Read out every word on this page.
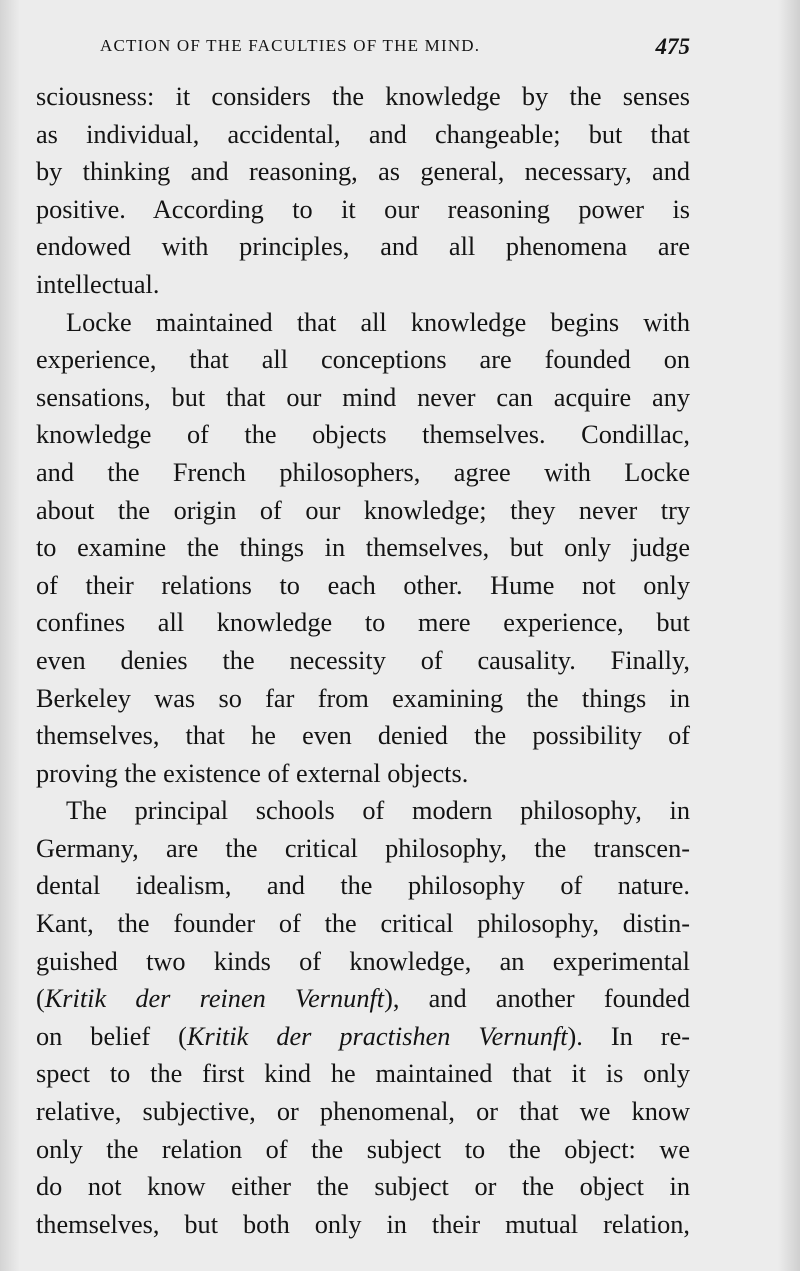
ACTION OF THE FACULTIES OF THE MIND.	475
sciousness: it considers the knowledge by the senses
as individual, accidental, and changeable; but that
by thinking and reasoning, as general, necessary, and
positive. According to it our reasoning power is
endowed with principles, and all phenomena are
intellectual.
Locke maintained that all knowledge begins with
experience, that all conceptions are founded on
sensations, but that our mind never can acquire any
knowledge of the objects themselves. Condillac,
and the French philosophers, agree with Locke
about the origin of our knowledge; they never try
to examine the things in themselves, but only judge
of their relations to each other. Hume not only
confines all knowledge to mere experience, but
even denies the necessity of causality. Finally,
Berkeley was so far from examining the things in
themselves, that he even denied the possibility of
proving the existence of external objects.
The principal schools of modern philosophy, in
Germany, are the critical philosophy, the transcen-
dental idealism, and the philosophy of nature.
Kant, the founder of the critical philosophy, distin-
guished two kinds of knowledge, an experimental
(Kritik der reinen Vernunft), and another founded
on belief (Kritik der practishen Vernunft). In re-
spect to the first kind he maintained that it is only
relative, subjective, or phenomenal, or that we know
only the relation of the subject to the object: we
do not know either the subject or the object in
themselves, but both only in their mutual relation,
